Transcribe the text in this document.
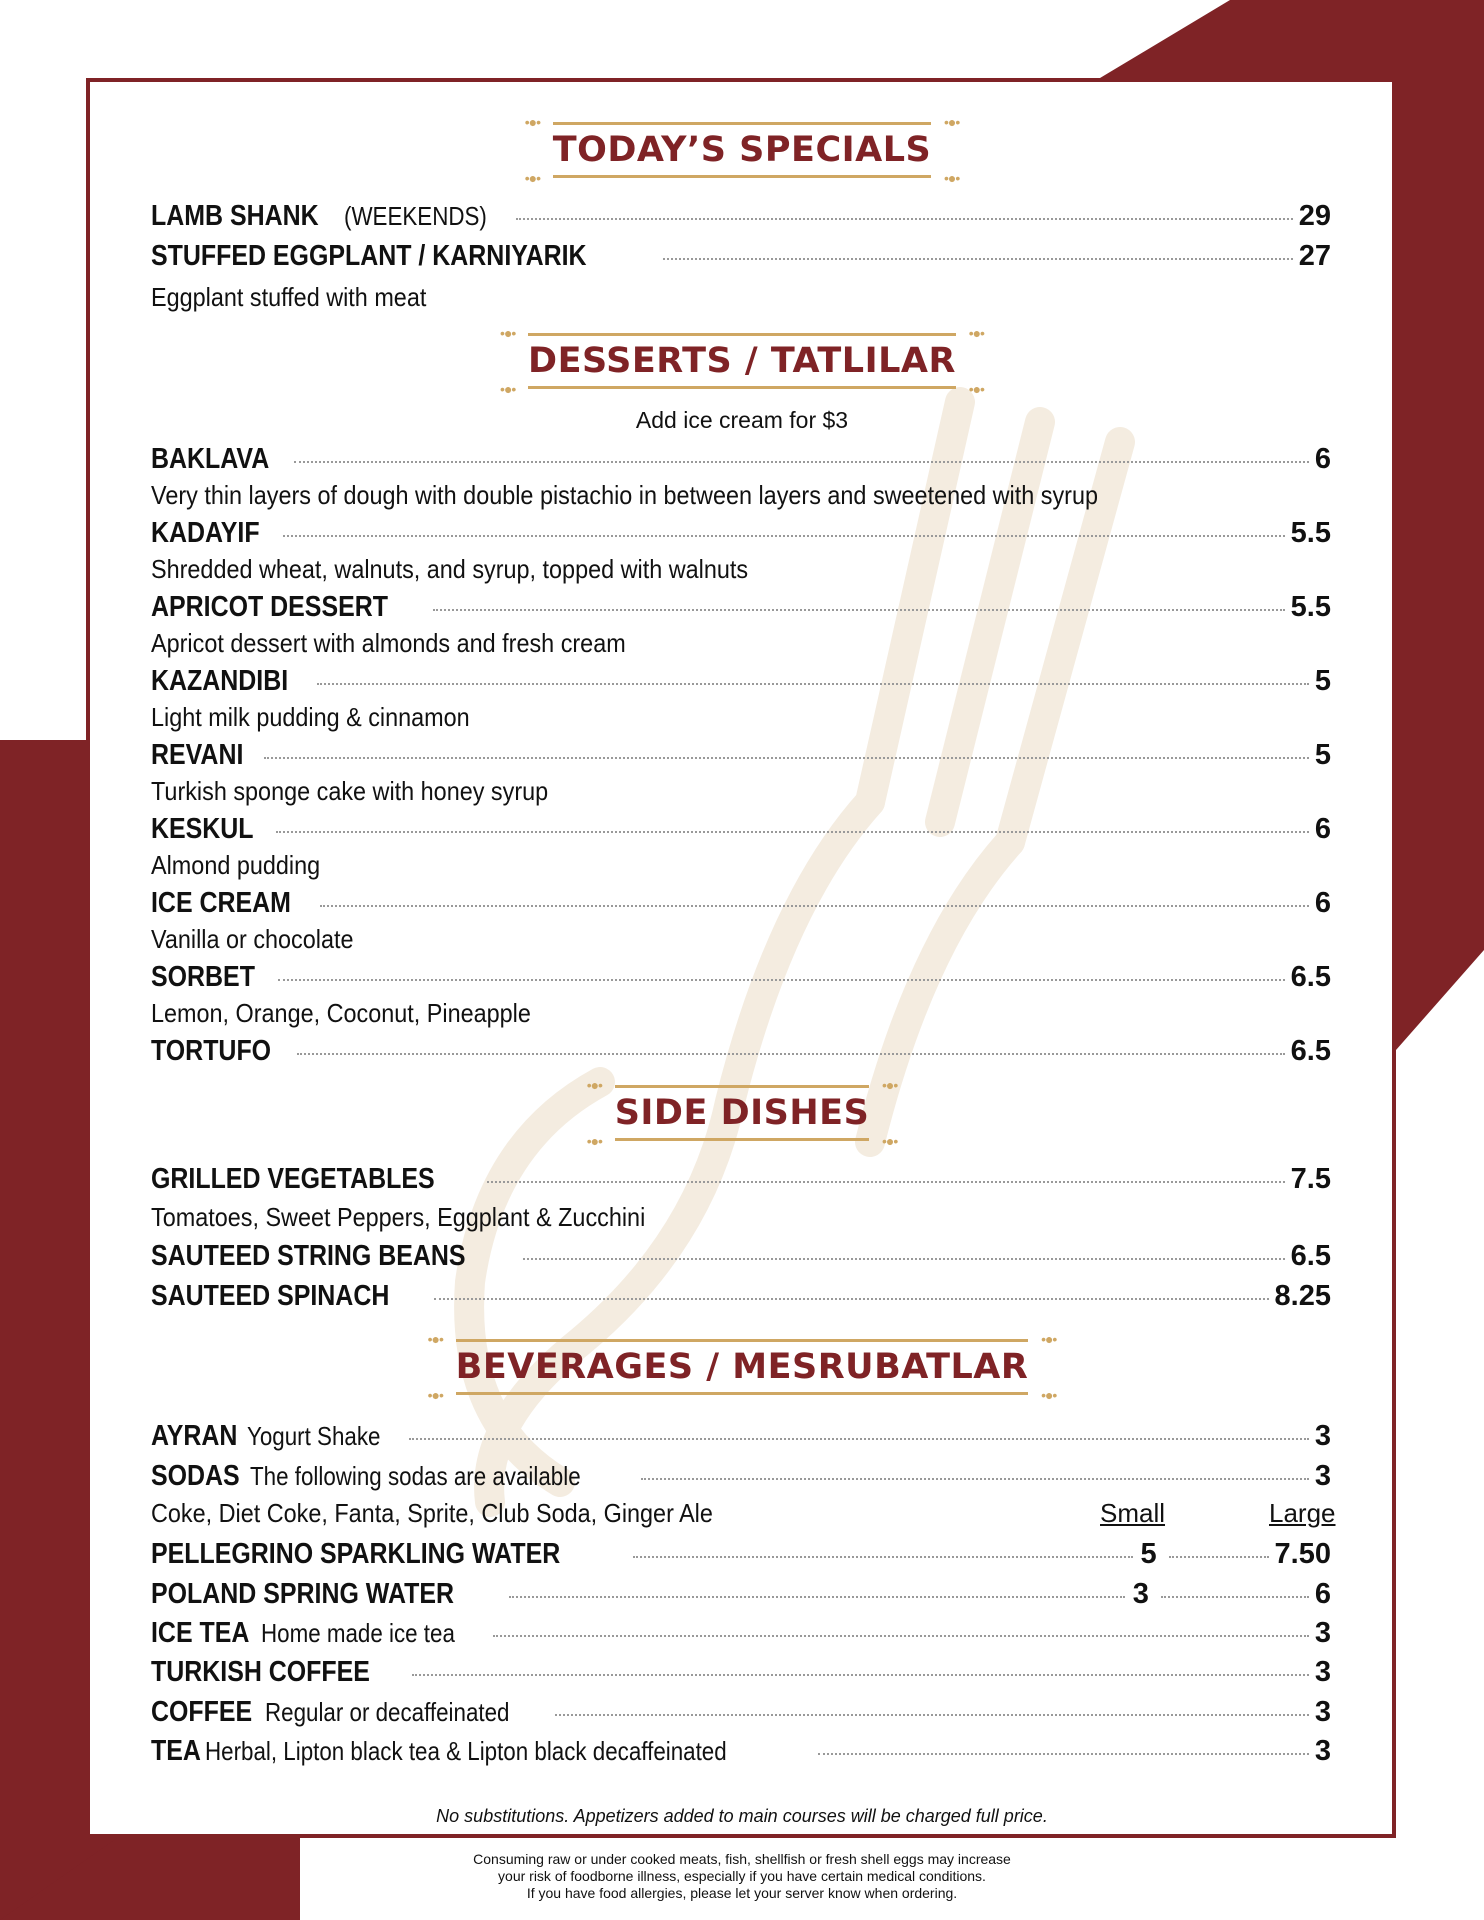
•●•	•●•
TODAY’S SPECIALS
•●•	•●•
LAMB SHANK (WEEKENDS)	29
STUFFED EGGPLANT / KARNIYARIK	27
Eggplant stuffed with meat
•●•	•●•
DESSERTS / TATLILAR
•●•	•●•
Add ice cream for $3
BAKLAVA	6
Very thin layers of dough with double pistachio in between layers and sweetened with syrup
KADAYIF	5.5
Shredded wheat, walnuts, and syrup, topped with walnuts
APRICOT DESSERT	5.5
Apricot dessert with almonds and fresh cream
KAZANDIBI	5
Light milk pudding & cinnamon
REVANI	5
Turkish sponge cake with honey syrup
KESKUL	6
Almond pudding
ICE CREAM	6
Vanilla or chocolate
SORBET	6.5
Lemon, Orange, Coconut, Pineapple
TORTUFO	6.5
•●•	•●•
SIDE DISHES
•●•	•●•
GRILLED VEGETABLES	7.5
Tomatoes, Sweet Peppers, Eggplant & Zucchini
SAUTEED STRING BEANS	6.5
SAUTEED SPINACH	8.25
•●•	•●•
BEVERAGES / MESRUBATLAR
•●•	•●•
AYRAN Yogurt Shake	3
SODAS The following sodas are available	3
Coke, Diet Coke, Fanta, Sprite, Club Soda, Ginger Ale	Small	Large
PELLEGRINO SPARKLING WATER	5	7.50
POLAND SPRING WATER	3	6
ICE TEA Home made ice tea	3
TURKISH COFFEE	3
COFFEE Regular or decaffeinated	3
TEA Herbal, Lipton black tea & Lipton black decaffeinated	3
No substitutions. Appetizers added to main courses will be charged full price.
Consuming raw or under cooked meats, fish, shellfish or fresh shell eggs may increase
your risk of foodborne illness, especially if you have certain medical conditions.
If you have food allergies, please let your server know when ordering.
